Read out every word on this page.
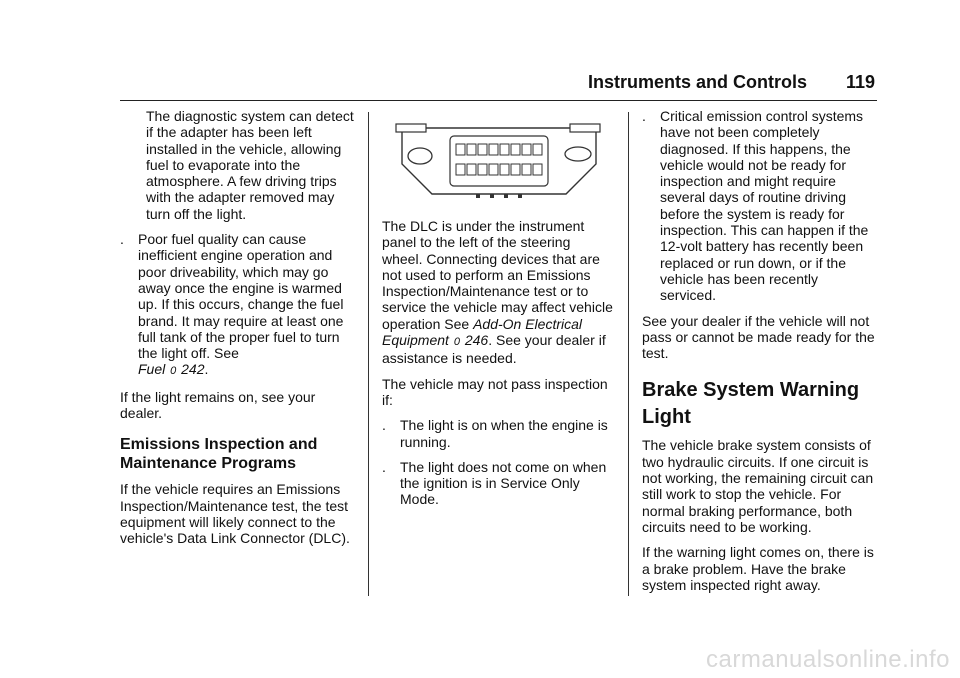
Instruments and Controls 119

The diagnostic system can detect if the adapter has been left installed in the vehicle, allowing fuel to evaporate into the atmosphere. A few driving trips with the adapter removed may turn off the light.

.	Poor fuel quality can cause inefficient engine operation and poor driveability, which may go away once the engine is warmed up. If this occurs, change the fuel brand. It may require at least one full tank of the proper fuel to turn the light off. See
Fuel 0 242.

If the light remains on, see your dealer.

Emissions Inspection and Maintenance Programs

If the vehicle requires an Emissions Inspection/Maintenance test, the test equipment will likely connect to the vehicle's Data Link Connector (DLC).

The DLC is under the instrument panel to the left of the steering wheel. Connecting devices that are not used to perform an Emissions Inspection/Maintenance test or to service the vehicle may affect vehicle operation See Add-On Electrical Equipment 0 246. See your dealer if assistance is needed.

The vehicle may not pass inspection if:

.	The light is on when the engine is running.
.	The light does not come on when the ignition is in Service Only Mode.
.	Critical emission control systems have not been completely diagnosed. If this happens, the vehicle would not be ready for inspection and might require several days of routine driving before the system is ready for inspection. This can happen if the 12-volt battery has recently been replaced or run down, or if the vehicle has been recently serviced.

See your dealer if the vehicle will not pass or cannot be made ready for the test.

Brake System Warning Light

The vehicle brake system consists of two hydraulic circuits. If one circuit is not working, the remaining circuit can still work to stop the vehicle. For normal braking performance, both circuits need to be working.

If the warning light comes on, there is a brake problem. Have the brake system inspected right away.

carmanualsonline.info
